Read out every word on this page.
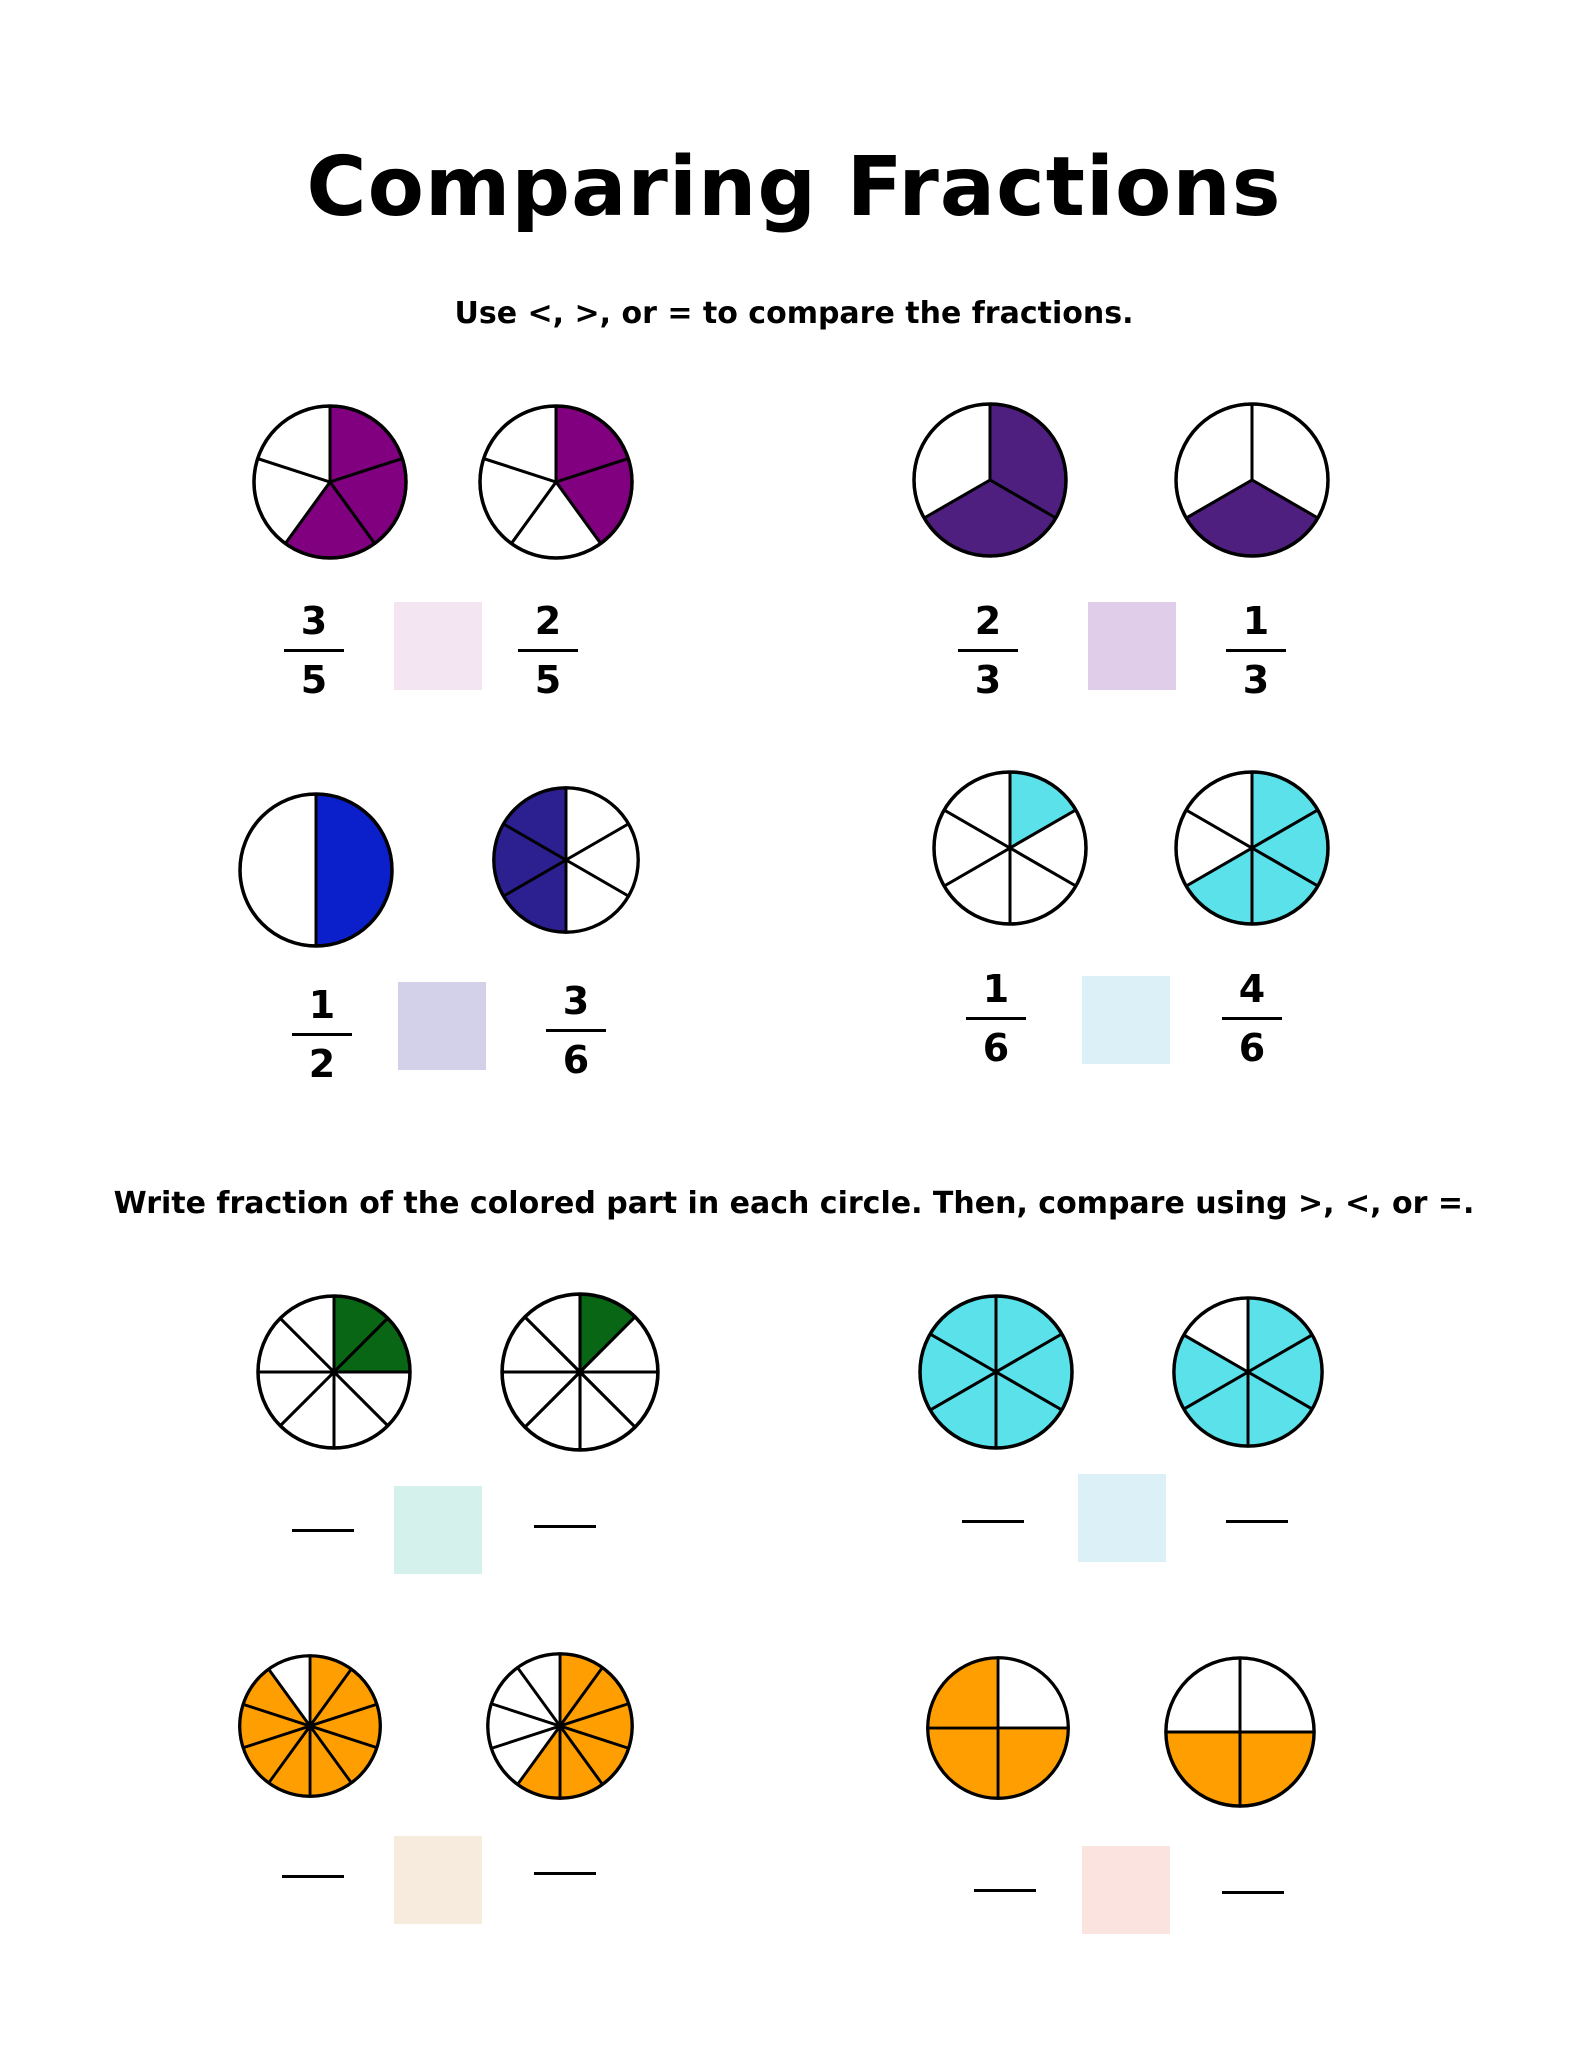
Comparing Fractions
Use <, >, or = to compare the fractions.
Write fraction of the colored part in each circle. Then, compare using >, <, or =.
3
5
2
5
2
3
1
3
1
2
3
6
1
6
4
6
